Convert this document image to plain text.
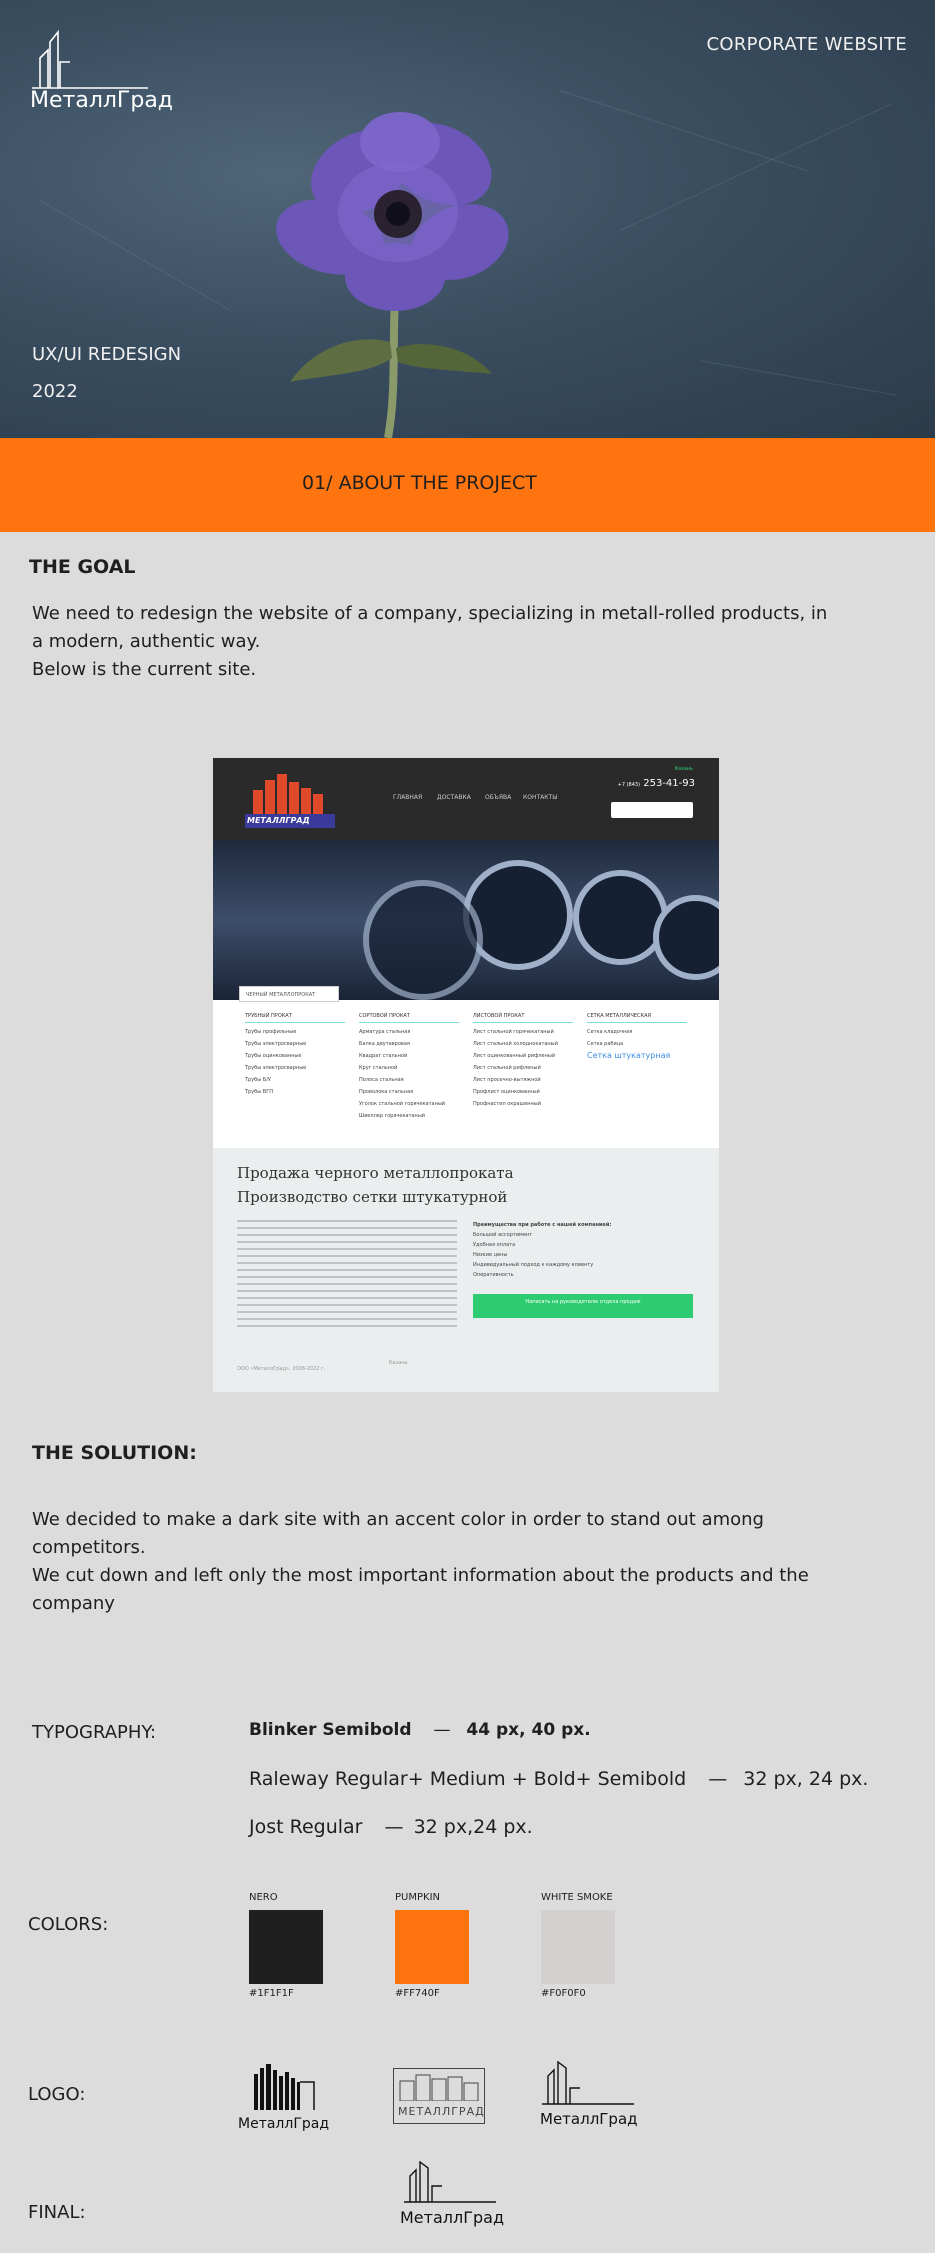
МеталлГрад
CORPORATE WEBSITE
UX/UI REDESIGN
2022
01/ ABOUT THE PROJECT
THE GOAL
We need to redesign the website of a company, specializing in metall-rolled products, in
a modern, authentic way.
Below is the current site.
МЕТАЛЛГРАД
ГЛАВНАЯ ДОСТАВКА ОБЪЯВА КОНТАКТЫ
Казань
+7 (843) 253-41-93
ЧЕРНЫЙ МЕТАЛЛОПРОКАТ
ТРУБНЫЙ ПРОКАТ
Трубы профильные
Трубы электросварные
Трубы оцинкованные
Трубы электросварные
Трубы Б/У
Трубы ВГП
СОРТОВОЙ ПРОКАТ
Арматура стальная
Балка двутавровая
Квадрат стальной
Круг стальной
Полоса стальная
Проволока стальная
Уголок стальной горячекатаный
Швеллер горячекатаный
ЛИСТОВОЙ ПРОКАТ
Лист стальной горячекатаный
Лист стальной холоднокатаный
Лист оцинкованный рифленый
Лист стальной рифленый
Лист просечно-вытяжной
Профлист оцинкованный
Профнастил окрашенный
СЕТКА МЕТАЛЛИЧЕСКАЯ
Сетка кладочная
Сетка рабица
Сетка штукатурная
Продажа черного металлопроката
Производство сетки штукатурной
Преимущества при работе с нашей компанией:
Большой ассортимент
Удобная оплата
Низкие цены
Индивидуальный подход к каждому клиенту
Оперативность
Написать на руководителю отдела продаж
ООО «МеталлГрад», 2008-2022 г.
Казань
THE SOLUTION:
We decided to make a dark site with an accent color in order to stand out among
competitors.
We cut down and left only the most important information about the products and the
company
TYPOGRAPHY:	Blinker Semibold — 44 px, 40 px.
Raleway Regular+ Medium + Bold+ Semibold — 32 px, 24 px.
Jost Regular — 32 px,24 px.
COLORS:
NERO
#1F1F1F
PUMPKIN
#FF740F
WHITE SMOKE
#F0F0F0
LOGO:
МеталлГрад
МЕТАЛЛГРАД	МеталлГрад
FINAL:	МеталлГрад
